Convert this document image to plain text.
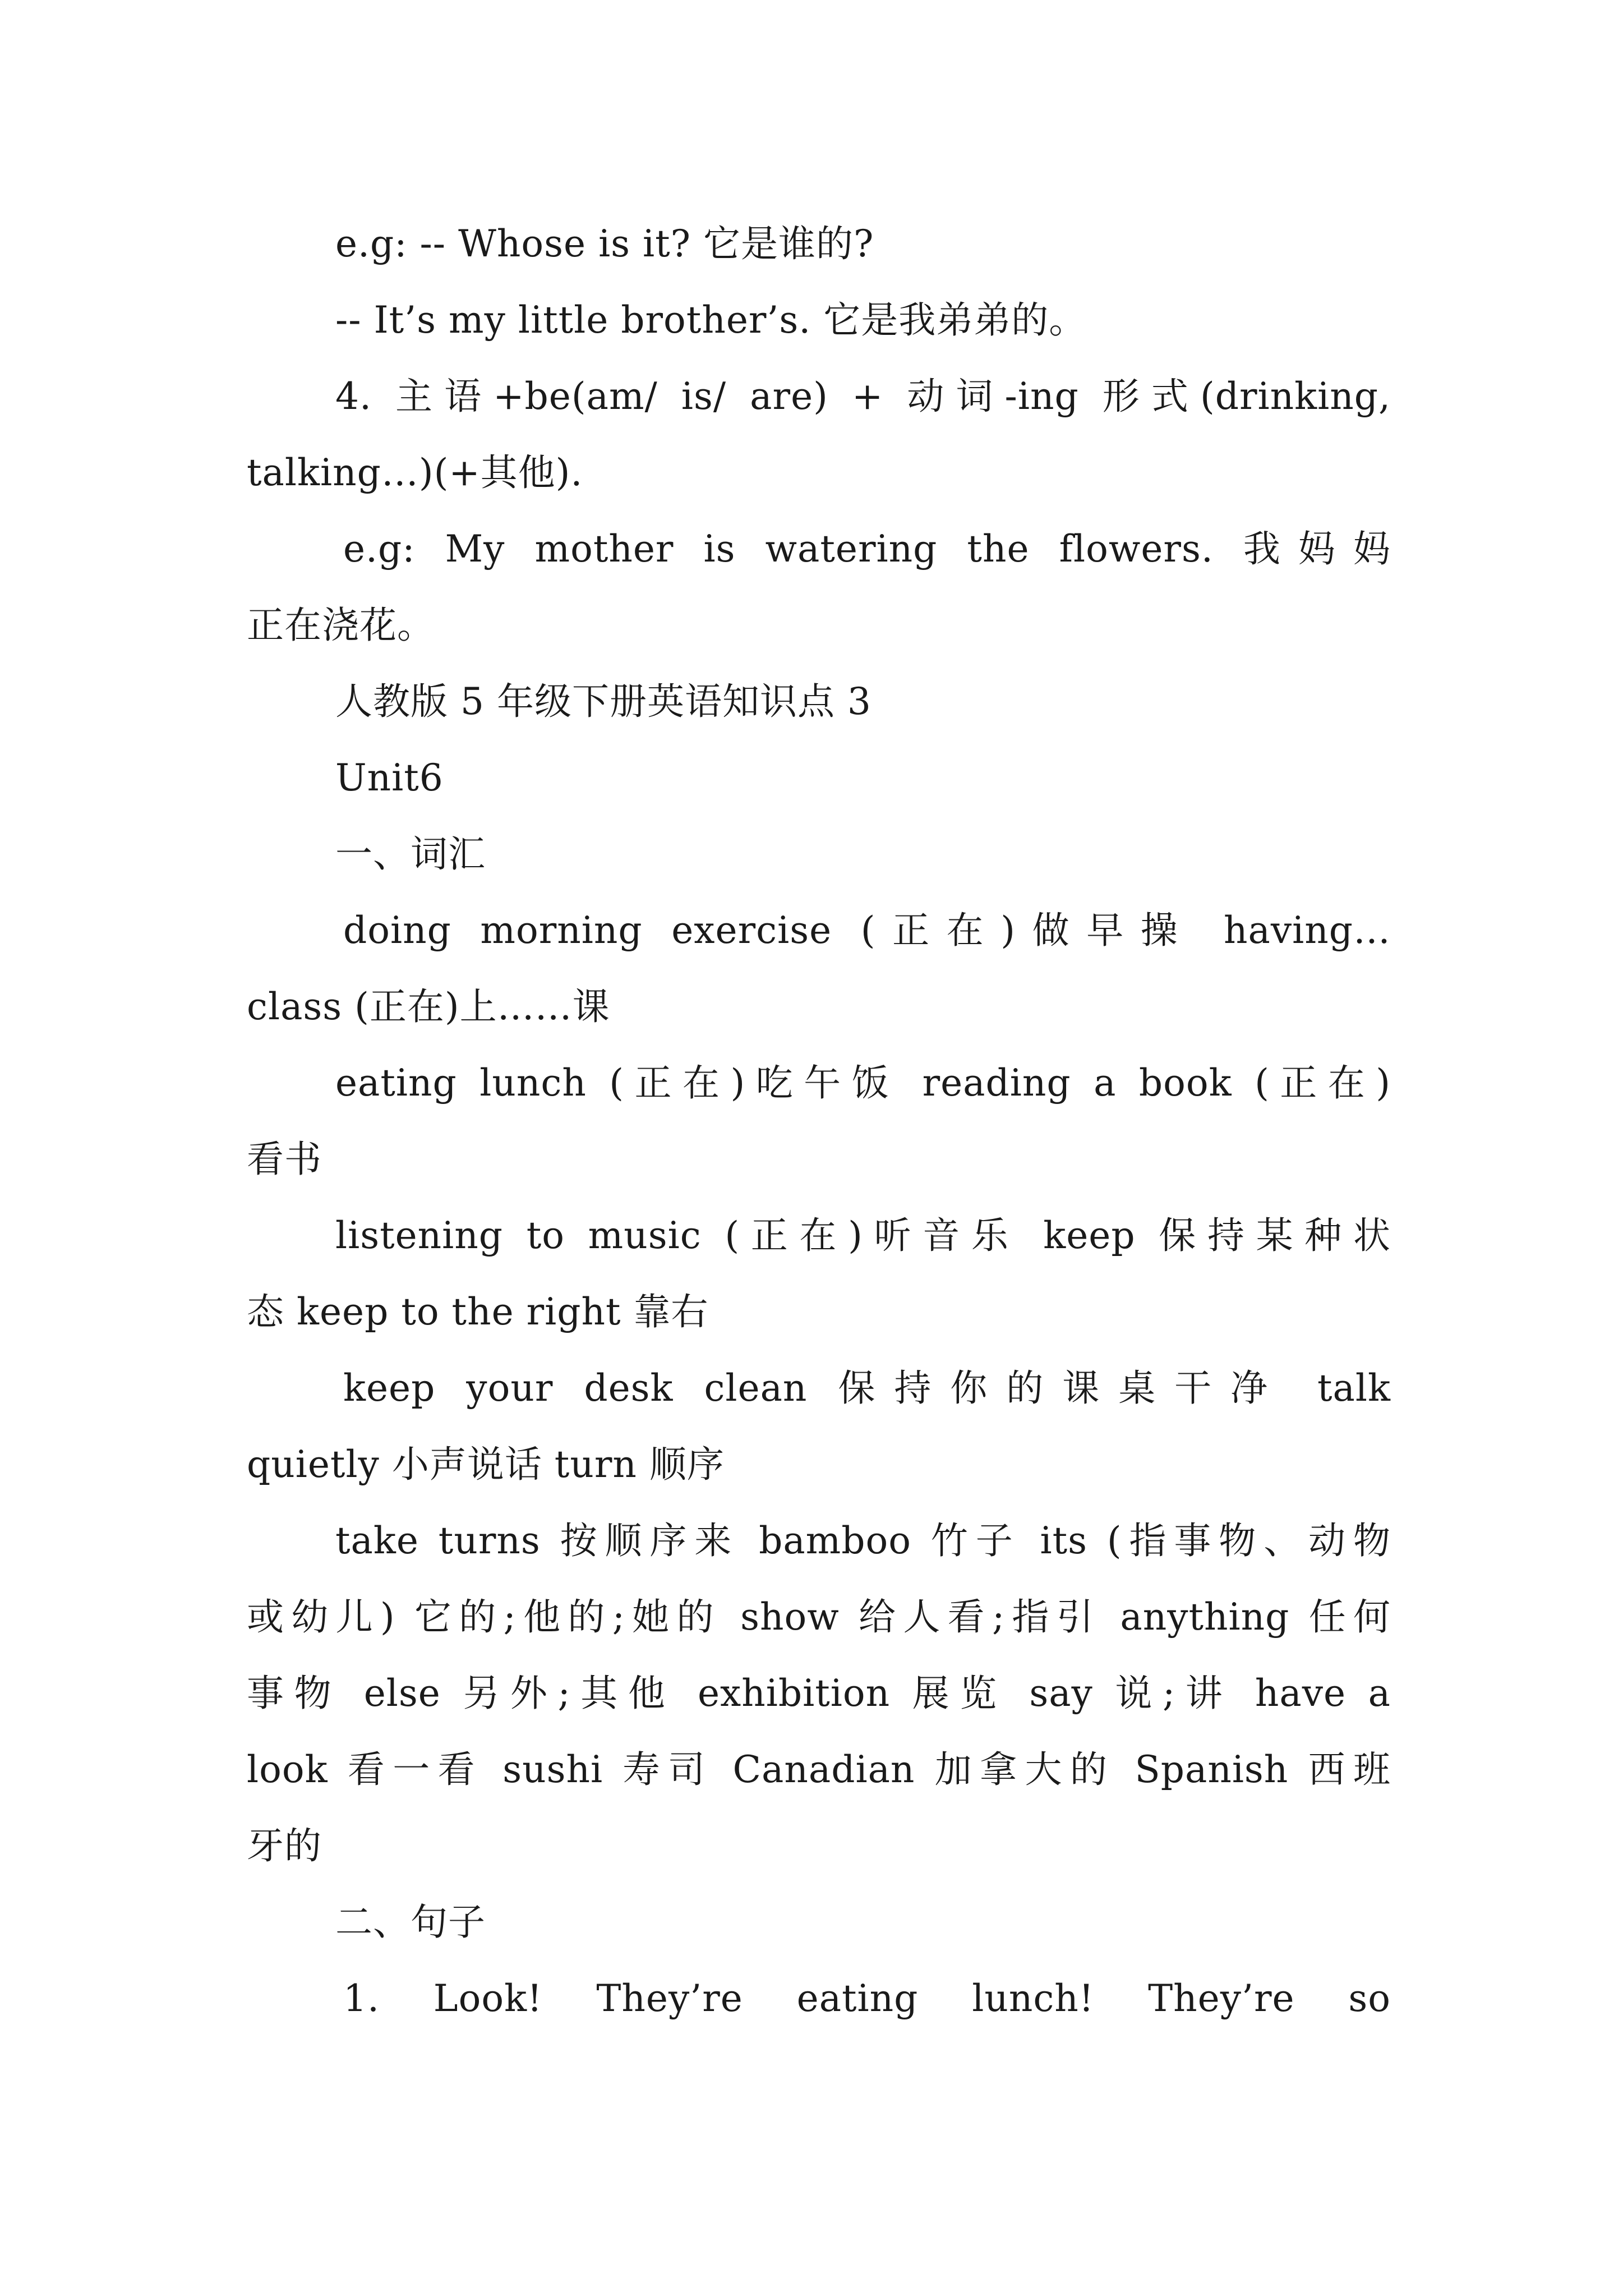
e.g: -- Whose is it? 它是谁的?
-- It’s my little brother’s. 它是我弟弟的。
4. 主语+be(am/ is/ are) + 动词-ing 形式(drinking,
talking…)(+其他).
e.g: My mother is watering the flowers. 我妈妈
正在浇花。
人教版 5 年级下册英语知识点 3
Unit6
一、词汇
doing morning exercise (正在)做早操 having…
class (正在)上……课
eating lunch (正在)吃午饭 reading a book (正在)
看书
listening to music (正在)听音乐 keep 保持某种状
态 keep to the right 靠右
keep your desk clean 保持你的课桌干净 talk
quietly 小声说话 turn 顺序
take turns 按顺序来 bamboo 竹子 its (指事物、动物
或幼儿) 它的;他的;她的 show 给人看;指引 anything 任何
事物 else 另外;其他 exhibition 展览 say 说;讲 have a
look 看一看 sushi 寿司 Canadian 加拿大的 Spanish 西班
牙的
二、句子
1. Look! They’re eating lunch! They’re so
